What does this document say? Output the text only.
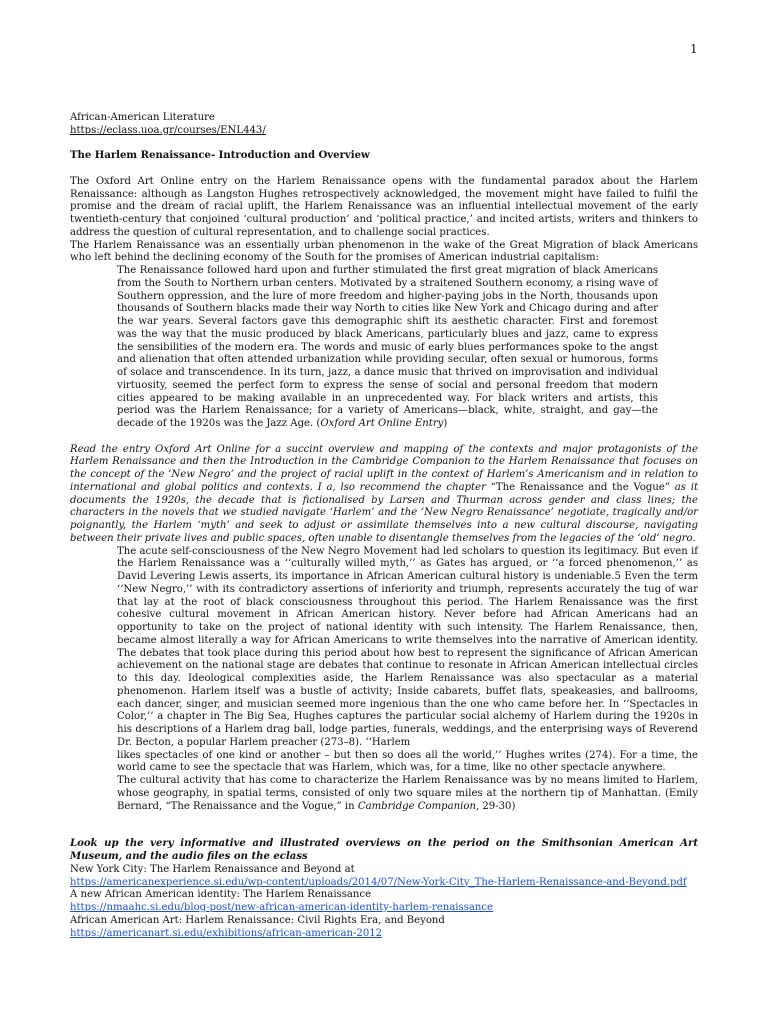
1

African-American Literature

https://eclass.uoa.gr/courses/ENL443/

The Harlem Renaissance- Introduction and Overview

The Oxford Art Online entry on the Harlem Renaissance opens with the fundamental paradox about the Harlem Renaissance: although as Langston Hughes retrospectively acknowledged, the movement might have failed to fulfil the promise and the dream of racial uplift, the Harlem Renaissance was an influential intellectual movement of the early twentieth-century that conjoined ‘cultural production’ and ‘political practice,’ and incited artists, writers and thinkers to address the question of cultural representation, and to challenge social practices.

The Harlem Renaissance was an essentially urban phenomenon in the wake of the Great Migration of black Americans who left behind the declining economy of the South for the promises of American industrial capitalism:

The Renaissance followed hard upon and further stimulated the first great migration of black Americans from the South to Northern urban centers. Motivated by a straitened Southern economy, a rising wave of Southern oppression, and the lure of more freedom and higher-paying jobs in the North, thousands upon thousands of Southern blacks made their way North to cities like New York and Chicago during and after the war years. Several factors gave this demographic shift its aesthetic character. First and foremost was the way that the music produced by black Americans, particularly blues and jazz, came to express the sensibilities of the modern era. The words and music of early blues performances spoke to the angst and alienation that often attended urbanization while providing secular, often sexual or humorous, forms of solace and transcendence. In its turn, jazz, a dance music that thrived on improvisation and individual virtuosity, seemed the perfect form to express the sense of social and personal freedom that modern cities appeared to be making available in an unprecedented way. For black writers and artists, this period was the Harlem Renaissance; for a variety of Americans—black, white, straight, and gay—the decade of the 1920s was the Jazz Age. (Oxford Art Online Entry)

Read the entry Oxford Art Online for a succint overview and mapping of the contexts and major protagonists of the Harlem Renaissance and then the Introduction in the Cambridge Companion to the Harlem Renaissance that focuses on the concept of the ‘New Negro’ and the project of racial uplift in the context of Harlem’s Americanism and in relation to international and global politics and contexts. I a, lso recommend the chapter “The Renaissance and the Vogue” as it documents the 1920s, the decade that is fictionalised by Larsen and Thurman across gender and class lines; the characters in the novels that we studied navigate ‘Harlem’ and the ‘New Negro Renaissance’ negotiate, tragically and/or poignantly, the Harlem ‘myth’ and seek to adjust or assimilate themselves into a new cultural discourse, navigating between their private lives and public spaces, often unable to disentangle themselves from the legacies of the ‘old’ negro.

The acute self-consciousness of the New Negro Movement had led scholars to question its legitimacy. But even if the Harlem Renaissance was a ‘‘culturally willed myth,’’ as Gates has argued, or ‘‘a forced phenomenon,’’ as David Levering Lewis asserts, its importance in African American cultural history is undeniable.5 Even the term ‘‘New Negro,’’ with its contradictory assertions of inferiority and triumph, represents accurately the tug of war that lay at the root of black consciousness throughout this period. The Harlem Renaissance was the first cohesive cultural movement in African American history. Never before had African Americans had an opportunity to take on the project of national identity with such intensity. The Harlem Renaissance, then, became almost literally a way for African Americans to write themselves into the narrative of American identity. The debates that took place during this period about how best to represent the significance of African American achievement on the national stage are debates that continue to resonate in African American intellectual circles to this day. Ideological complexities aside, the Harlem Renaissance was also spectacular as a material phenomenon. Harlem itself was a bustle of activity; Inside cabarets, buffet flats, speakeasies, and ballrooms, each dancer, singer, and musician seemed more ingenious than the one who came before her. In ‘‘Spectacles in Color,’’ a chapter in The Big Sea, Hughes captures the particular social alchemy of Harlem during the 1920s in his descriptions of a Harlem drag ball, lodge parties, funerals, weddings, and the enterprising ways of Reverend Dr. Becton, a popular Harlem preacher (273–8). ‘‘Harlem

likes spectacles of one kind or another – but then so does all the world,’’ Hughes writes (274). For a time, the world came to see the spectacle that was Harlem, which was, for a time, like no other spectacle anywhere.

The cultural activity that has come to characterize the Harlem Renaissance was by no means limited to Harlem, whose geography, in spatial terms, consisted of only two square miles at the northern tip of Manhattan. (Emily Bernard, “The Renaissance and the Vogue,” in Cambridge Companion, 29-30)

Look up the very informative and illustrated overviews on the period on the Smithsonian American Art Museum, and the audio files on the eclass

New York City: The Harlem Renaissance and Beyond at

https://americanexperience.si.edu/wp-content/uploads/2014/07/New-York-City_The-Harlem-Renaissance-and-Beyond.pdf

A new African American identity: The Harlem Renaissance

https://nmaahc.si.edu/blog-post/new-african-american-identity-harlem-renaissance

African American Art: Harlem Renaissance: Civil Rights Era, and Beyond

https://americanart.si.edu/exhibitions/african-american-2012
